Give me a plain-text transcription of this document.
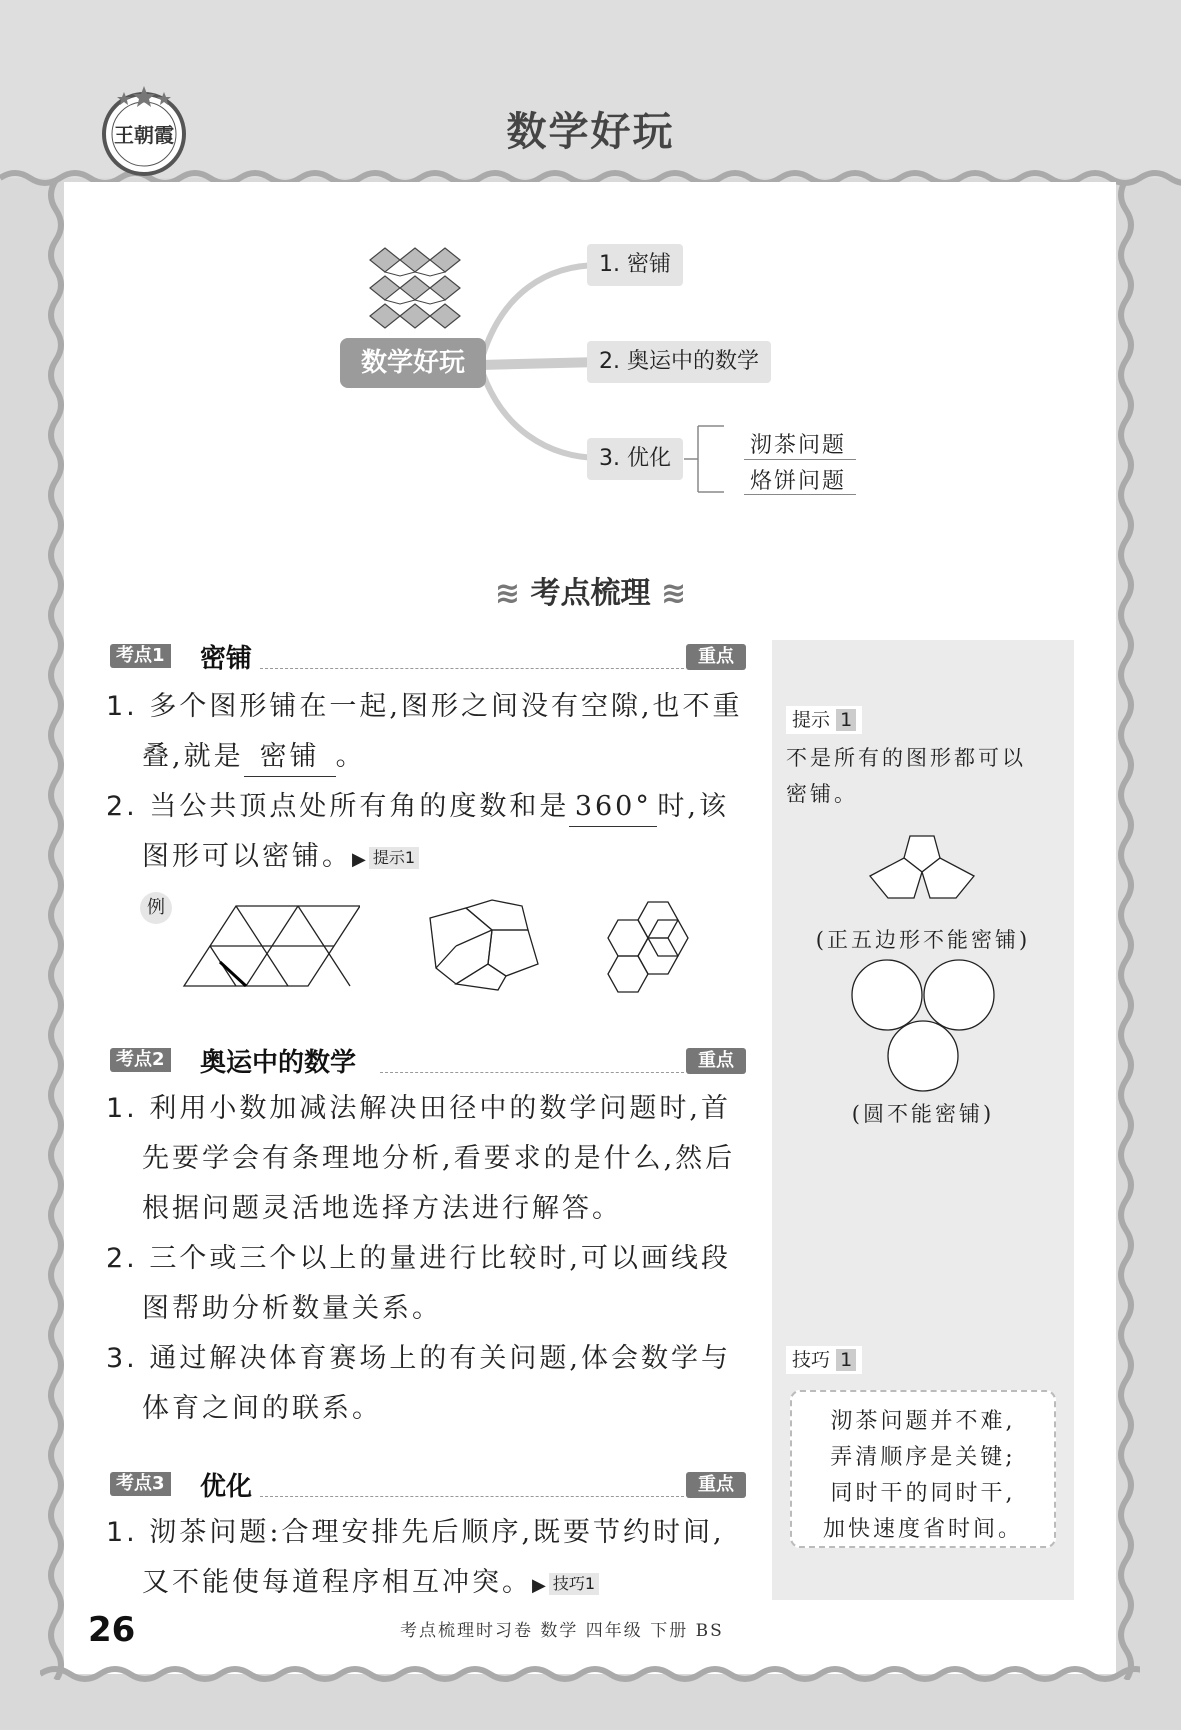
王朝霞	数学好玩
数学好玩
1. 密铺
2. 奥运中的数学
3. 优化
沏茶问题
烙饼问题
≋ 考点梳理 ≋
考点1 密铺	重点
1. 多个图形铺在一起,图形之间没有空隙,也不重
叠,就是 密铺 。
2. 当公共顶点处所有角的度数和是 360° 时,该
图形可以密铺。▶ 提示1
例
考点2 奥运中的数学	重点
1. 利用小数加减法解决田径中的数学问题时,首
先要学会有条理地分析,看要求的是什么,然后
根据问题灵活地选择方法进行解答。
2. 三个或三个以上的量进行比较时,可以画线段
图帮助分析数量关系。
3. 通过解决体育赛场上的有关问题,体会数学与
体育之间的联系。
考点3 优化	重点
1. 沏茶问题:合理安排先后顺序,既要节约时间,
又不能使每道程序相互冲突。▶ 技巧1
提示 1
不是所有的图形都可以
密铺。
(正五边形不能密铺)
(圆不能密铺)
技巧 1
沏茶问题并不难,
弄清顺序是关键;
同时干的同时干,
加快速度省时间。
26	考点梳理时习卷 数学 四年级 下册 BS
